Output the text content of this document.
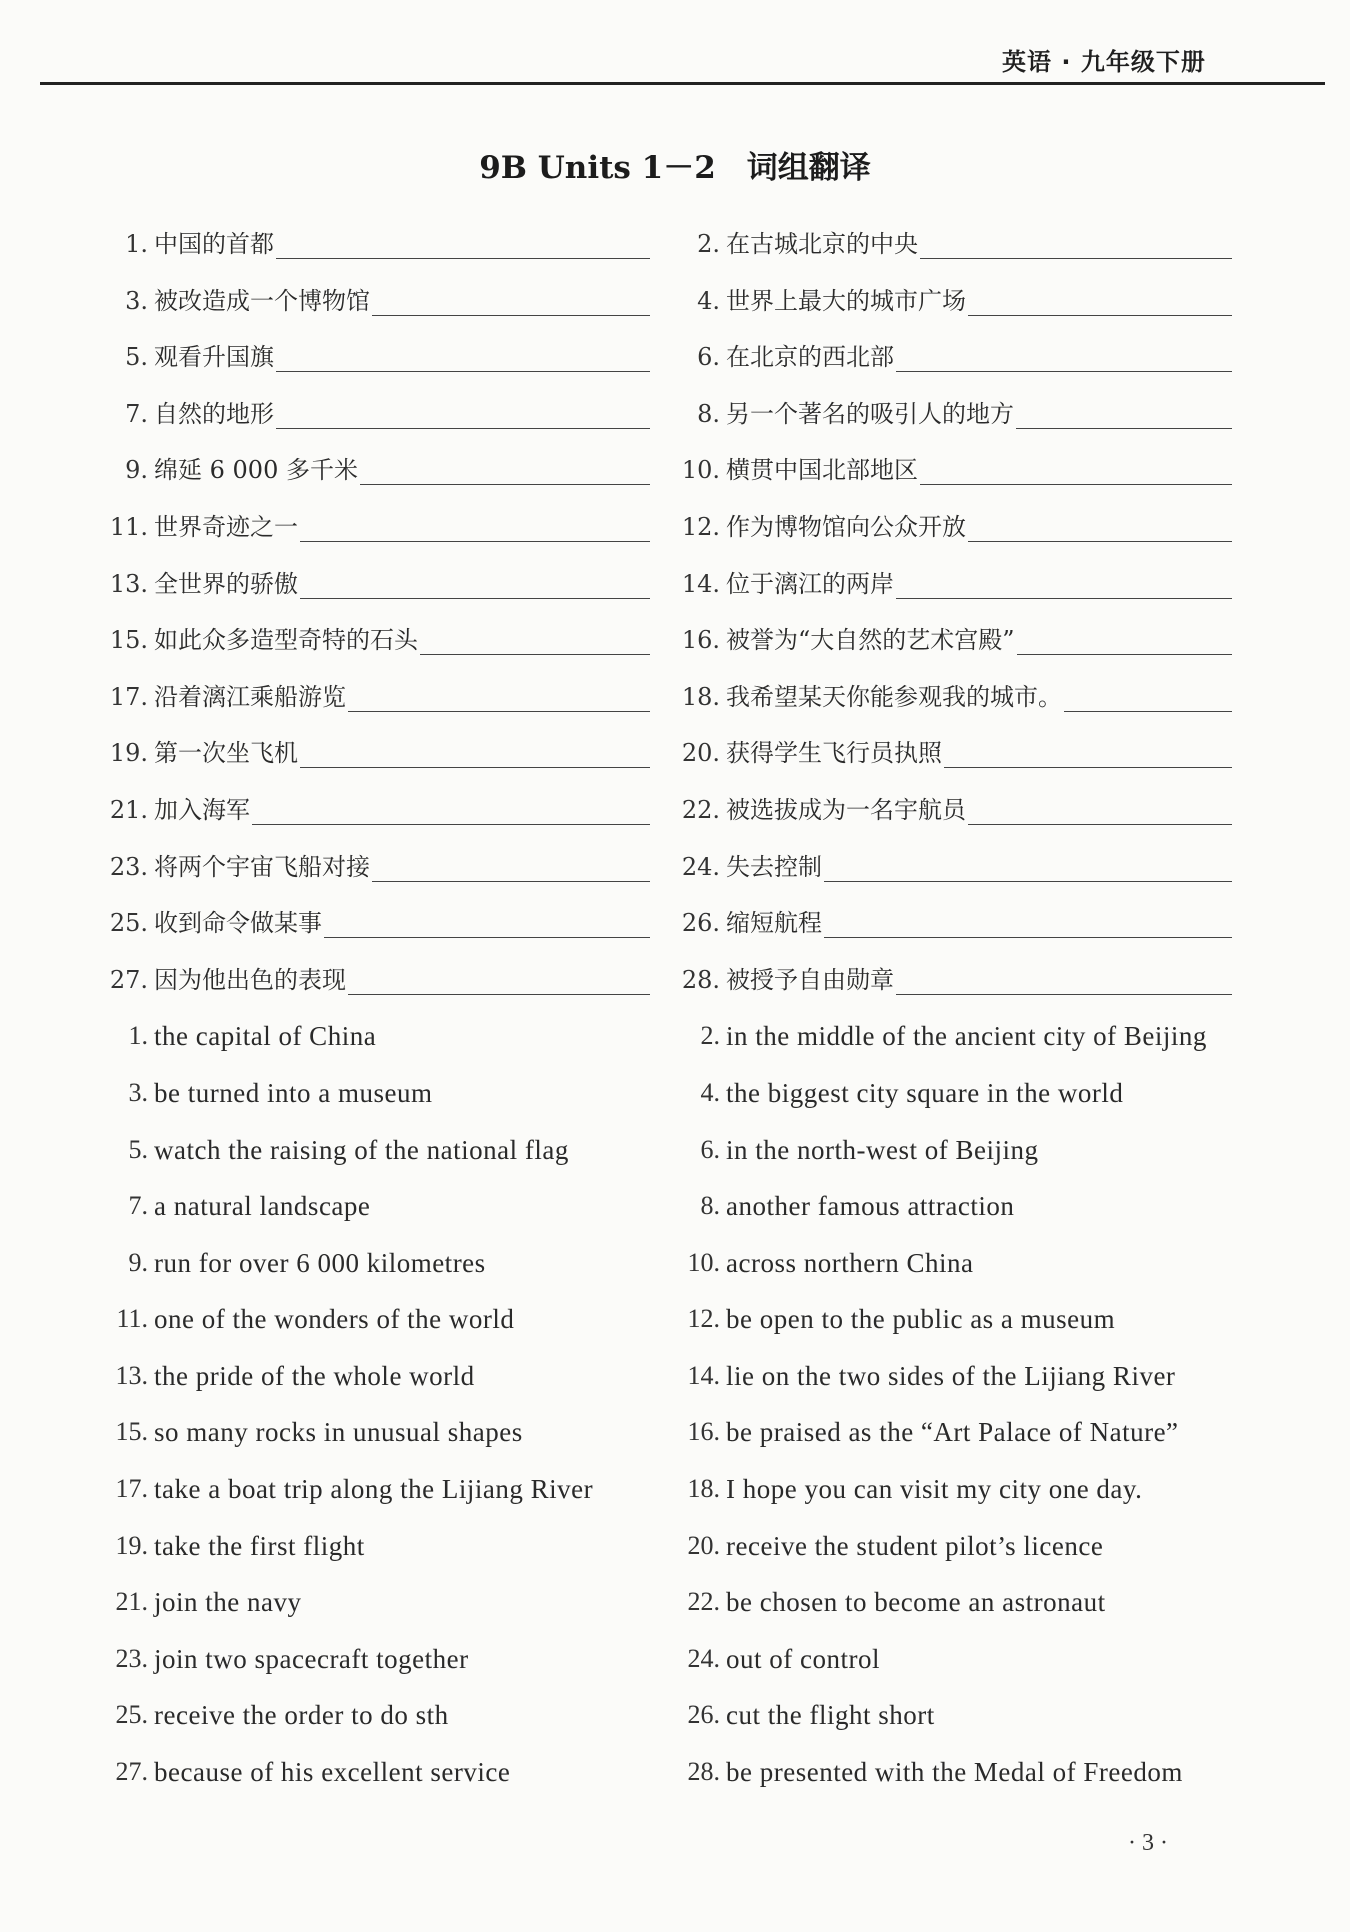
英语 · 九年级下册
9B Units 1－2　词组翻译
1. 中国的首都	2. 在古城北京的中央
3. 被改造成一个博物馆	4. 世界上最大的城市广场
5. 观看升国旗	6. 在北京的西北部
7. 自然的地形	8. 另一个著名的吸引人的地方
9. 绵延 6 000 多千米	10. 横贯中国北部地区
11. 世界奇迹之一	12. 作为博物馆向公众开放
13. 全世界的骄傲	14. 位于漓江的两岸
15. 如此众多造型奇特的石头	16. 被誉为“大自然的艺术宫殿”
17. 沿着漓江乘船游览	18. 我希望某天你能参观我的城市。
19. 第一次坐飞机	20. 获得学生飞行员执照
21. 加入海军	22. 被选拔成为一名宇航员
23. 将两个宇宙飞船对接	24. 失去控制
25. 收到命令做某事	26. 缩短航程
27. 因为他出色的表现	28. 被授予自由勋章
1. the capital of China	2. in the middle of the ancient city of Beijing
3. be turned into a museum	4. the biggest city square in the world
5. watch the raising of the national flag	6. in the north-west of Beijing
7. a natural landscape	8. another famous attraction
9. run for over 6 000 kilometres	10. across northern China
11. one of the wonders of the world	12. be open to the public as a museum
13. the pride of the whole world	14. lie on the two sides of the Lijiang River
15. so many rocks in unusual shapes	16. be praised as the “Art Palace of Nature”
17. take a boat trip along the Lijiang River	18. I hope you can visit my city one day.
19. take the first flight	20. receive the student pilot’s licence
21. join the navy	22. be chosen to become an astronaut
23. join two spacecraft together	24. out of control
25. receive the order to do sth	26. cut the flight short
27. because of his excellent service	28. be presented with the Medal of Freedom
· 3 ·
